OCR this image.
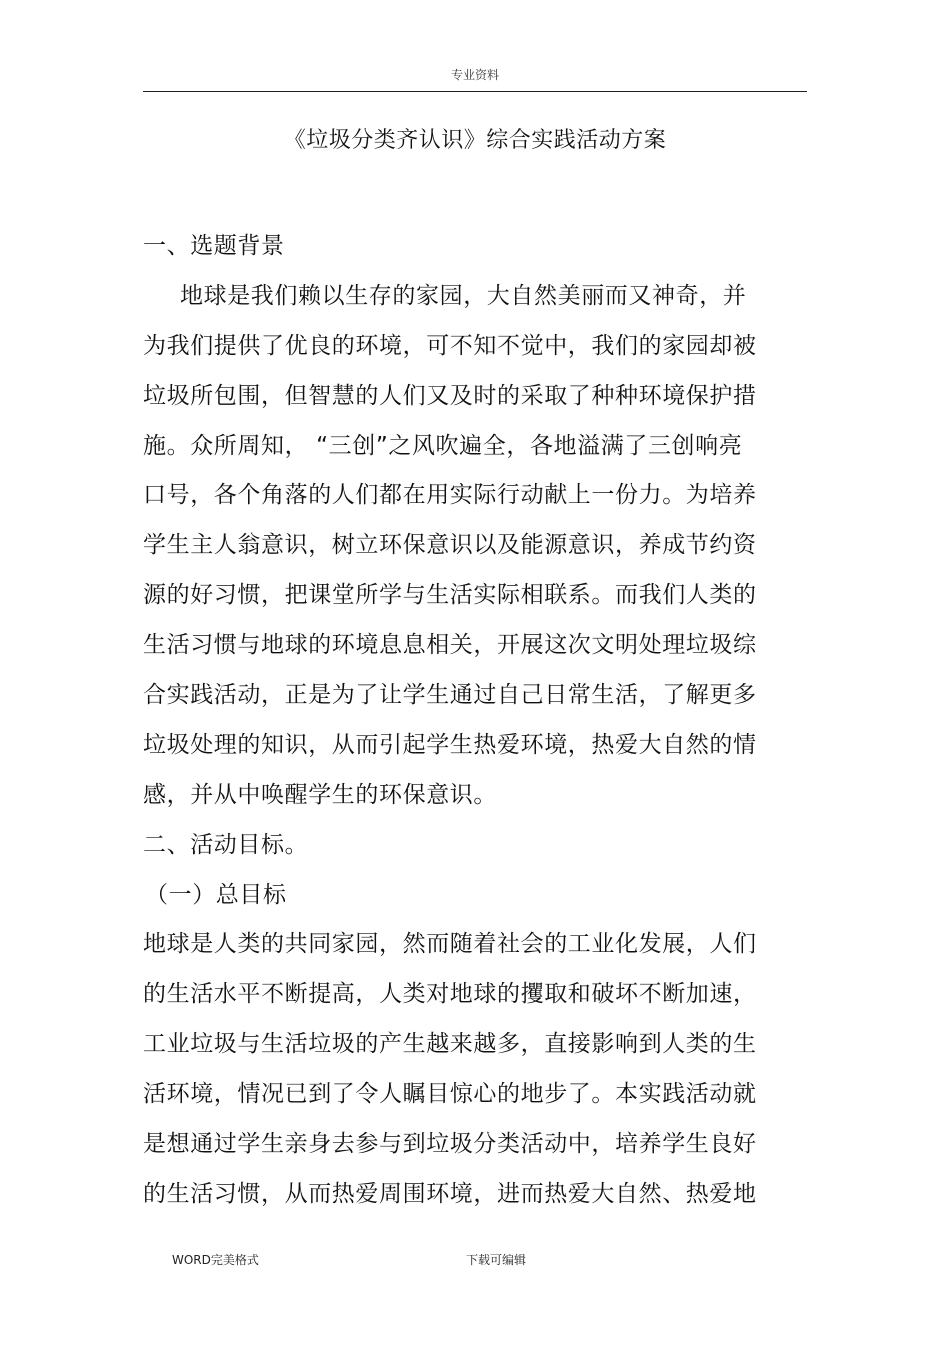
专业资料
《垃圾分类齐认识》综合实践活动方案
一、选题背景
地球是我们赖以生存的家园，大自然美丽而又神奇，并
为我们提供了优良的环境，可不知不觉中，我们的家园却被
垃圾所包围，但智慧的人们又及时的采取了种种环境保护措
施。众所周知， “三创”之风吹遍全，各地溢满了三创响亮
口号，各个角落的人们都在用实际行动献上一份力。为培养
学生主人翁意识，树立环保意识以及能源意识，养成节约资
源的好习惯，把课堂所学与生活实际相联系。而我们人类的
生活习惯与地球的环境息息相关，开展这次文明处理垃圾综
合实践活动，正是为了让学生通过自己日常生活，了解更多
垃圾处理的知识，从而引起学生热爱环境，热爱大自然的情
感，并从中唤醒学生的环保意识。
二、活动目标。
（一）总目标
地球是人类的共同家园，然而随着社会的工业化发展，人们
的生活水平不断提高，人类对地球的攫取和破坏不断加速，
工业垃圾与生活垃圾的产生越来越多，直接影响到人类的生
活环境，情况已到了令人瞩目惊心的地步了。本实践活动就
是想通过学生亲身去参与到垃圾分类活动中，培养学生良好
的生活习惯，从而热爱周围环境，进而热爱大自然、热爱地
WORD完美格式	下载可编辑
